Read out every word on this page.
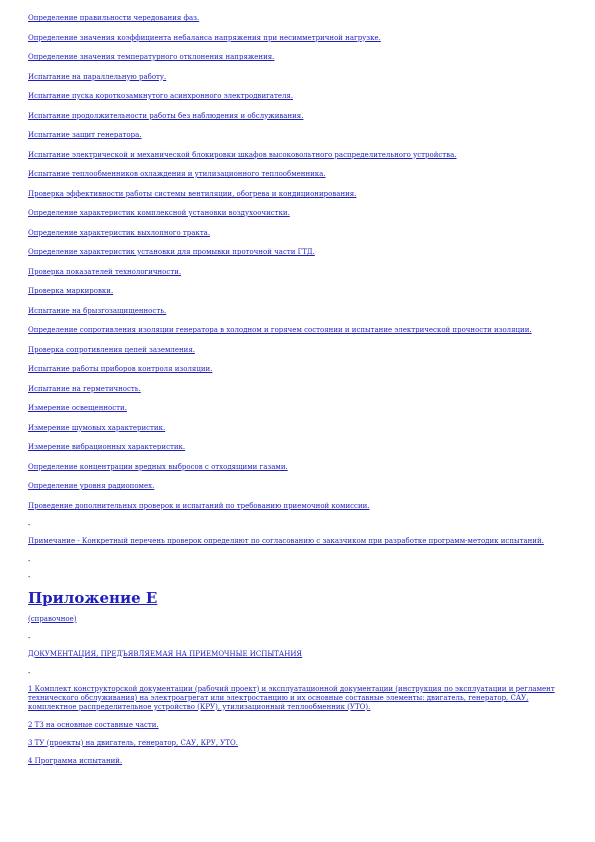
Определение правильности чередования фаз.
Определение значения коэффициента небаланса напряжения при несимметричной нагрузке.
Определение значения температурного отклонения напряжения.
Испытание на параллельную работу.
Испытание пуска короткозамкнутого асинхронного электродвигателя.
Испытание продолжительности работы без наблюдения и обслуживания.
Испытание защит генератора.
Испытание электрической и механической блокировки шкафов высоковольтного распределительного устройства.
Испытание теплообменников охлаждения и утилизационного теплообменника.
Проверка эффективности работы системы вентиляции, обогрева и кондиционирования.
Определение характеристик комплексной установки воздухоочистки.
Определение характеристик выхлопного тракта.
Определение характеристик установки для промывки проточной части ГТД.
Проверка показателей технологичности.
Проверка маркировки.
Испытание на брызгозащищенность.
Определение сопротивления изоляции генератора в холодном и горячем состоянии и испытание электрической прочности изоляции.
Проверка сопротивления цепей заземления.
Испытание работы приборов контроля изоляции.
Испытание на герметичность.
Измерение освещенности.
Измерение шумовых характеристик.
Измерение вибрационных характеристик.
Определение концентрации вредных выбросов с отходящими газами.
Определение уровня радиопомех.
Проведение дополнительных проверок и испытаний по требованию приемочной комиссии.
-
Примечание - Конкретный перечень проверок определяют по согласованию с заказчиком при разработке программ-методик испытаний.
-
-
Приложение Е
(справочное)
-
ДОКУМЕНТАЦИЯ, ПРЕДЪЯВЛЯЕМАЯ НА ПРИЕМОЧНЫЕ ИСПЫТАНИЯ
-
1 Комплект конструкторской документации (рабочий проект) и эксплуатационной документации (инструкция по эксплуатации и регламент технического обслуживания) на электроагрегат или электростанцию и их основные составные элементы: двигатель, генератор, САУ, комплектное распределительное устройство (КРУ), утилизационный теплообменник (УТО).
2 ТЗ на основные составные части.
3 ТУ (проекты) на двигатель, генератор, САУ, КРУ, УТО.
4 Программа испытаний.
